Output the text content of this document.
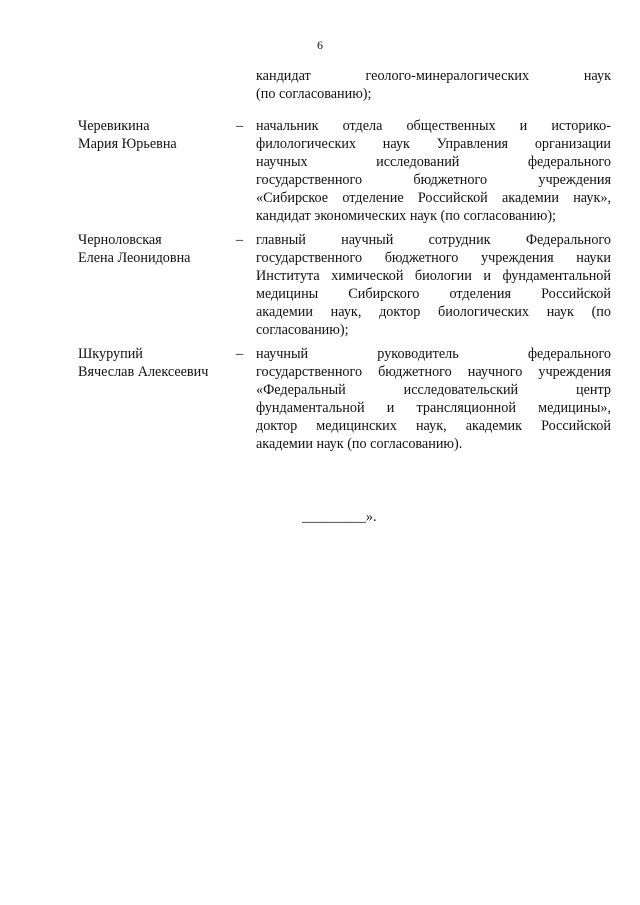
6
кандидат геолого-минералогических наук
(по согласованию);
Черевикина
Мария Юрьевна
– начальник отдела общественных и историко-
филологических наук Управления организации
научных исследований федерального
государственного бюджетного учреждения
«Сибирское отделение Российской академии наук»,
кандидат экономических наук (по согласованию);
Черноловская
Елена Леонидовна
– главный научный сотрудник Федерального
государственного бюджетного учреждения науки
Института химической биологии и фундаментальной
медицины Сибирского отделения Российской
академии наук, доктор биологических наук (по
согласованию);
Шкурупий
Вячеслав Алексеевич
– научный руководитель федерального
государственного бюджетного научного учреждения
«Федеральный исследовательский центр
фундаментальной и трансляционной медицины»,
доктор медицинских наук, академик Российской
академии наук (по согласованию).
_________».
